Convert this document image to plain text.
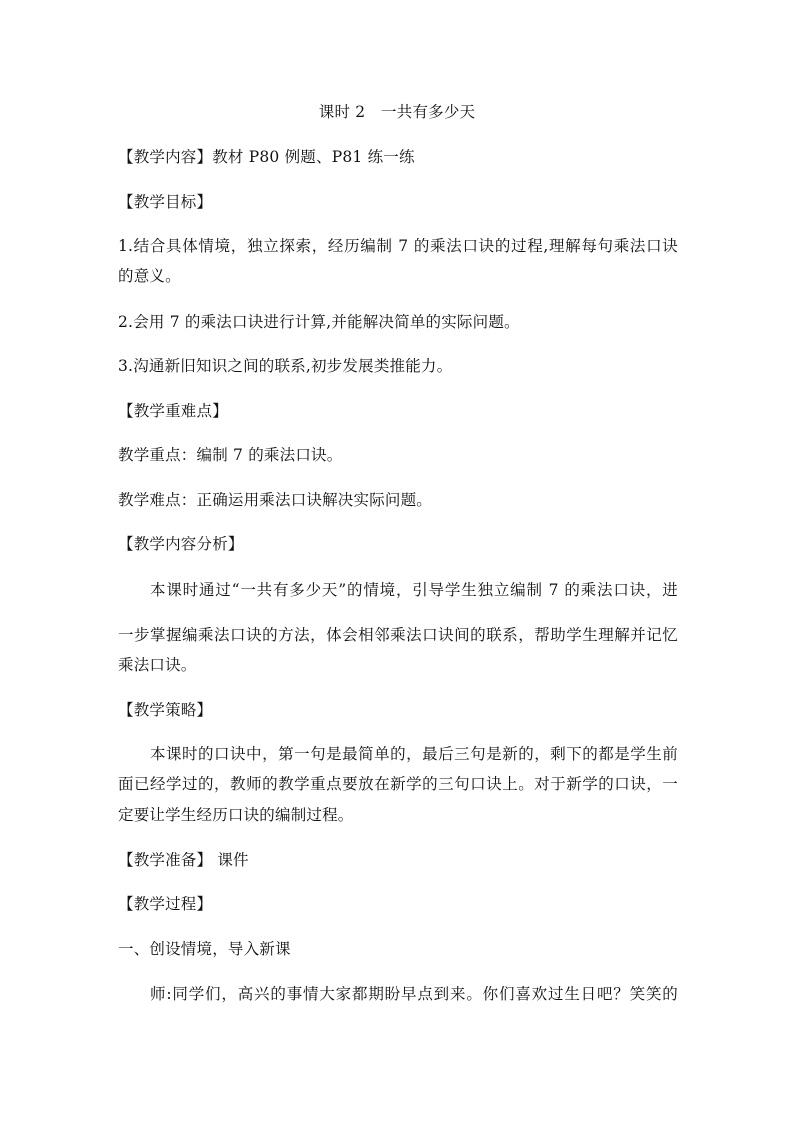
课时 2　一共有多少天
【教学内容】教材 P80 例题、P81 练一练
【教学目标】
1.结合具体情境，独立探索，经历编制 7 的乘法口诀的过程,理解每句乘法口诀
的意义。
2.会用 7 的乘法口诀进行计算,并能解决简单的实际问题。
3.沟通新旧知识之间的联系,初步发展类推能力。
【教学重难点】
教学重点：编制 7 的乘法口诀。
教学难点：正确运用乘法口诀解决实际问题。
【教学内容分析】
本课时通过“一共有多少天”的情境，引导学生独立编制 7 的乘法口诀，进
一步掌握编乘法口诀的方法，体会相邻乘法口诀间的联系，帮助学生理解并记忆
乘法口诀。
【教学策略】
本课时的口诀中，第一句是最简单的，最后三句是新的，剩下的都是学生前
面已经学过的，教师的教学重点要放在新学的三句口诀上。对于新学的口诀，一
定要让学生经历口诀的编制过程。
【教学准备】 课件
【教学过程】
一、创设情境，导入新课
师:同学们，高兴的事情大家都期盼早点到来。你们喜欢过生日吧？笑笑的
